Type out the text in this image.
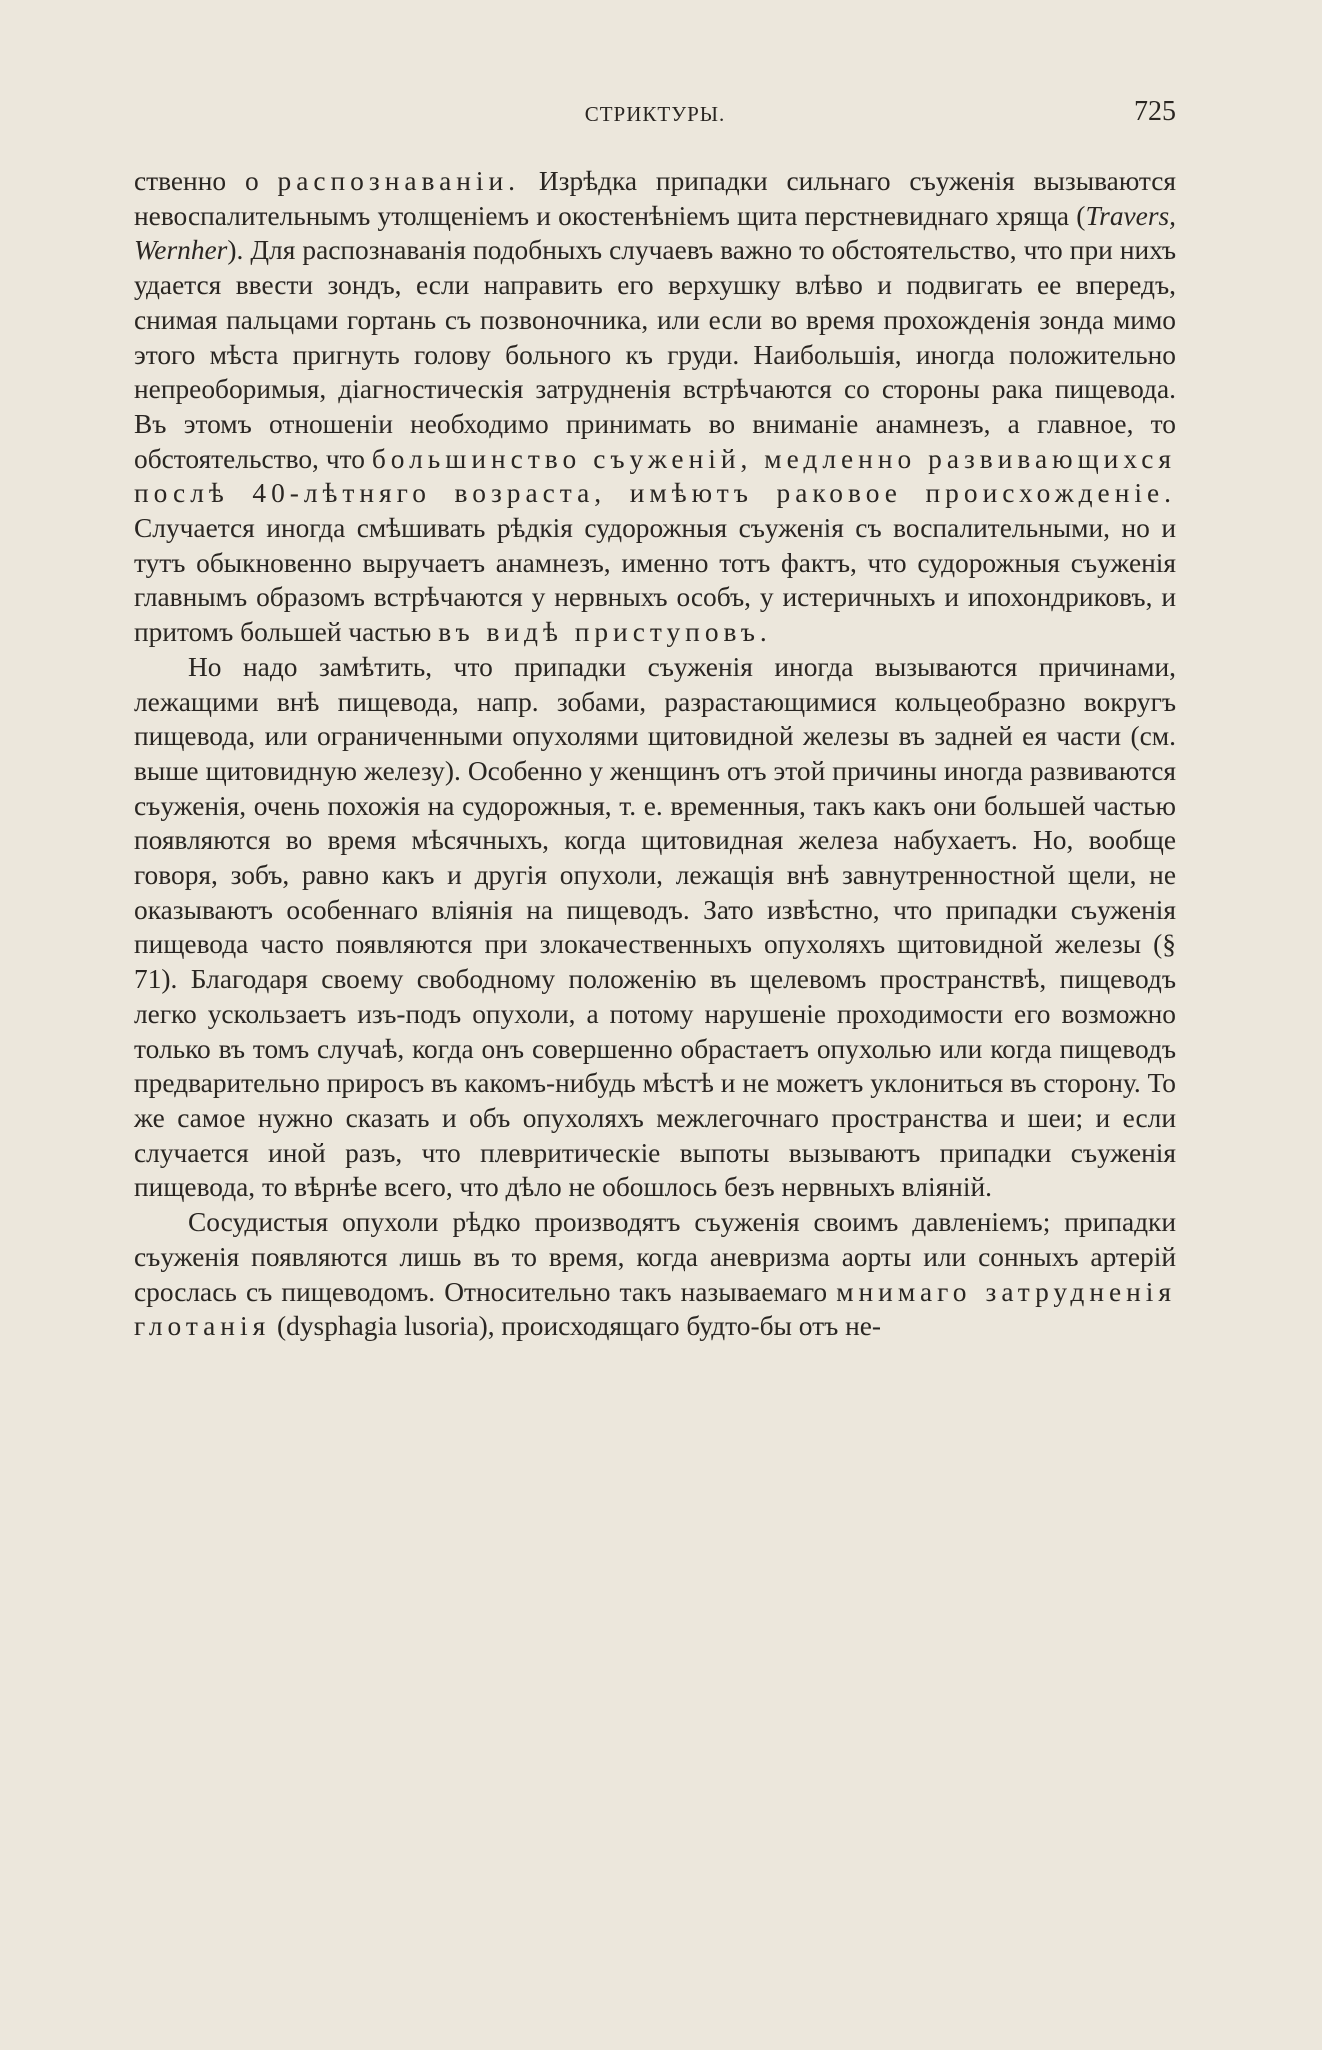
СТРИКТУРЫ.	725

ственно о распознаваніи. Изрѣдка припадки сильнаго съуженія вызываются невоспалительнымъ утолщеніемъ и окостенѣніемъ щита перстневиднаго хряща (Travers, Wernher). Для распознаванія подобныхъ случаевъ важно то обстоятельство, что при нихъ удается ввести зондъ, если направить его верхушку влѣво и подвигать ее впередъ, снимая пальцами гортань съ позвоночника, или если во время прохожденія зонда мимо этого мѣста пригнуть голову больного къ груди. Наибольшія, иногда положительно непреоборимыя, діагностическія затрудненія встрѣчаются со стороны рака пищевода. Въ этомъ отношеніи необходимо принимать во вниманіе анамнезъ, а главное, то обстоятельство, что большинство съуженій, медленно развивающихся послѣ 40-лѣтняго возраста, имѣютъ раковое происхожденіе. Случается иногда смѣшивать рѣдкія судорожныя съуженія съ воспалительными, но и тутъ обыкновенно выручаетъ анамнезъ, именно тотъ фактъ, что судорожныя съуженія главнымъ образомъ встрѣчаются у нервныхъ особъ, у истеричныхъ и ипохондриковъ, и притомъ большей частью въ видѣ приступовъ.

Но надо замѣтить, что припадки съуженія иногда вызываются причинами, лежащими внѣ пищевода, напр. зобами, разрастающимися кольцеобразно вокругъ пищевода, или ограниченными опухолями щитовидной железы въ задней ея части (см. выше щитовидную железу). Особенно у женщинъ отъ этой причины иногда развиваются съуженія, очень похожія на судорожныя, т. е. временныя, такъ какъ они большей частью появляются во время мѣсячныхъ, когда щитовидная железа набухаетъ. Но, вообще говоря, зобъ, равно какъ и другія опухоли, лежащія внѣ завнутренностной щели, не оказываютъ особеннаго вліянія на пищеводъ. Зато извѣстно, что припадки съуженія пищевода часто появляются при злокачественныхъ опухоляхъ щитовидной железы (§ 71). Благодаря своему свободному положенію въ щелевомъ пространствѣ, пищеводъ легко ускользаетъ изъ-подъ опухоли, а потому нарушеніе проходимости его возможно только въ томъ случаѣ, когда онъ совершенно обрастаетъ опухолью или когда пищеводъ предварительно приросъ въ какомъ-нибудь мѣстѣ и не можетъ уклониться въ сторону. То же самое нужно сказать и объ опухоляхъ межлегочнаго пространства и шеи; и если случается иной разъ, что плевритическіе выпоты вызываютъ припадки съуженія пищевода, то вѣрнѣе всего, что дѣло не обошлось безъ нервныхъ вліяній.

Сосудистыя опухоли рѣдко производятъ съуженія своимъ давленіемъ; припадки съуженія появляются лишь въ то время, когда аневризма аорты или сонныхъ артерій срослась съ пищеводомъ. Относительно такъ называемаго мнимаго затрудненія глотанія (dysphagia lusoria), происходящаго будто-бы отъ не-
